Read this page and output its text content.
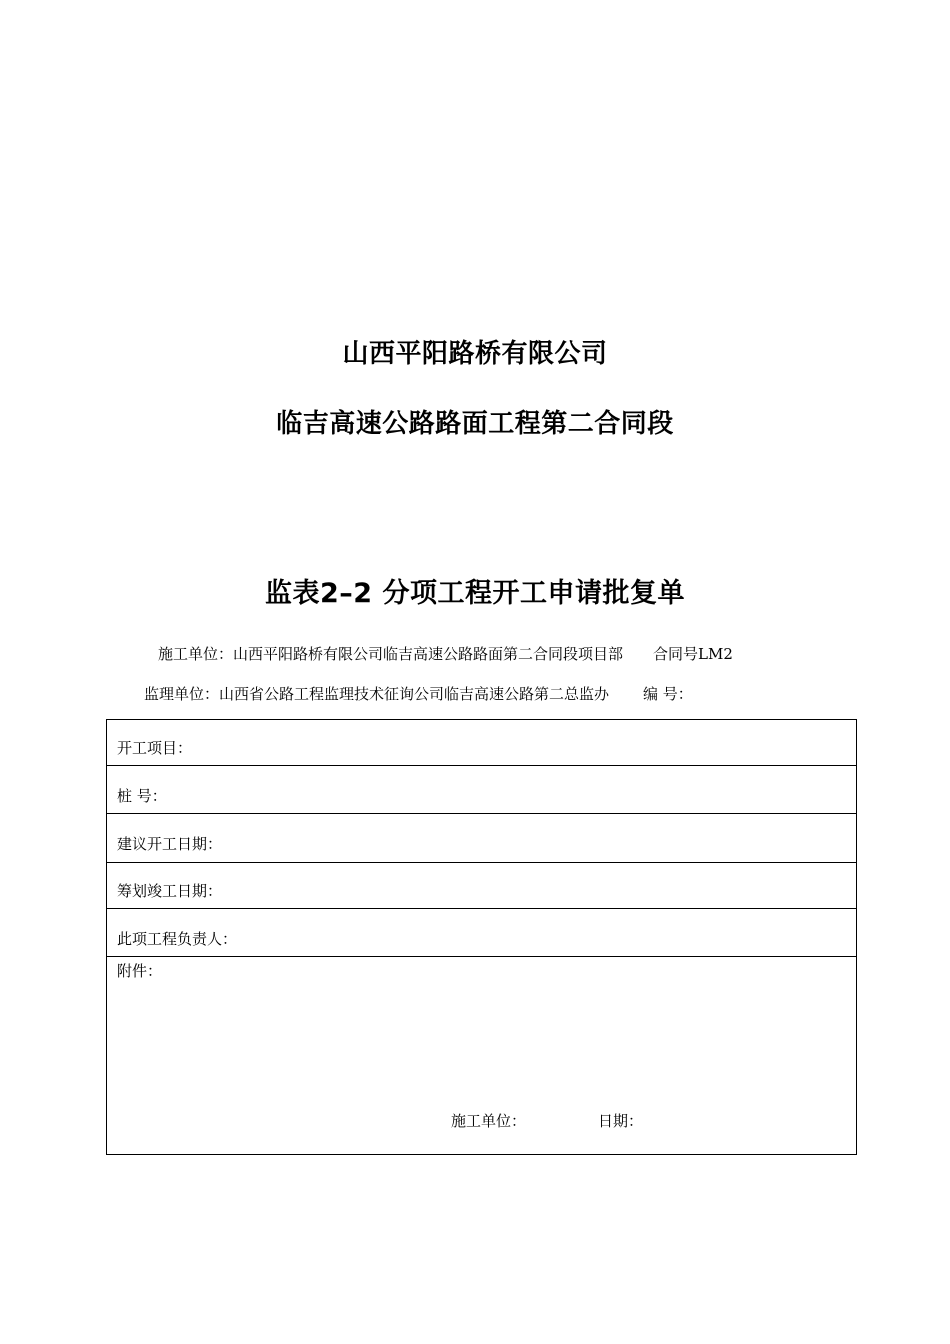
山西平阳路桥有限公司
临吉高速公路路面工程第二合同段
监表2–2 分项工程开工申请批复单
施工单位：山西平阳路桥有限公司临吉高速公路路面第二合同段项目部 合同号LM2
监理单位：山西省公路工程监理技术征询公司临吉高速公路第二总监办 编 号：
开工项目：
桩 号：
建议开工日期：
筹划竣工日期：
此项工程负责人：
附件：
施工单位：	日期：
